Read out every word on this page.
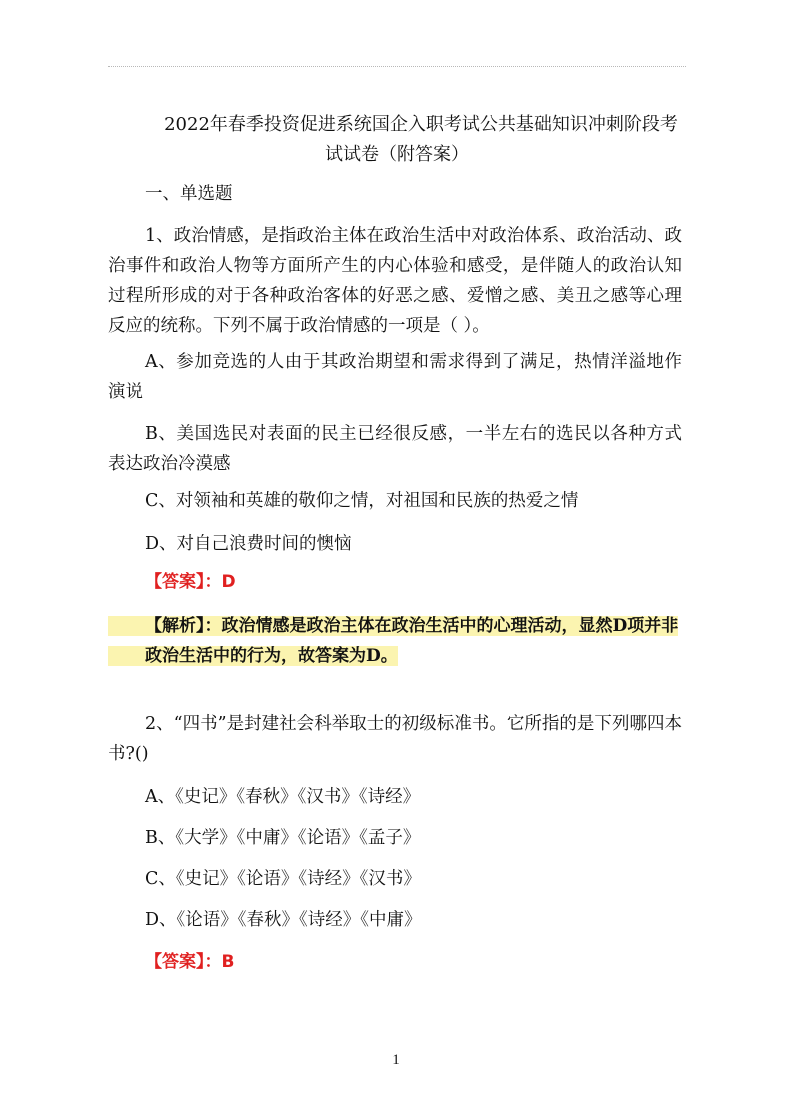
2022年春季投资促进系统国企入职考试公共基础知识冲刺阶段考
试试卷（附答案）
一、单选题
1、政治情感，是指政治主体在政治生活中对政治体系、政治活动、政治事件和政治人物等方面所产生的内心体验和感受，是伴随人的政治认知过程所形成的对于各种政治客体的好恶之感、爱憎之感、美丑之感等心理反应的统称。下列不属于政治情感的一项是（ ）。
A、参加竞选的人由于其政治期望和需求得到了满足，热情洋溢地作演说
B、美国选民对表面的民主已经很反感，一半左右的选民以各种方式表达政治冷漠感
C、对领袖和英雄的敬仰之情，对祖国和民族的热爱之情
D、对自己浪费时间的懊恼
【答案】：D
【解析】：政治情感是政治主体在政治生活中的心理活动，显然D项并非政治生活中的行为，故答案为D。
2、“四书”是封建社会科举取士的初级标准书。它所指的是下列哪四本书?()
A、《史记》《春秋》《汉书》《诗经》
B、《大学》《中庸》《论语》《孟子》
C、《史记》《论语》《诗经》《汉书》
D、《论语》《春秋》《诗经》《中庸》
【答案】：B
1
